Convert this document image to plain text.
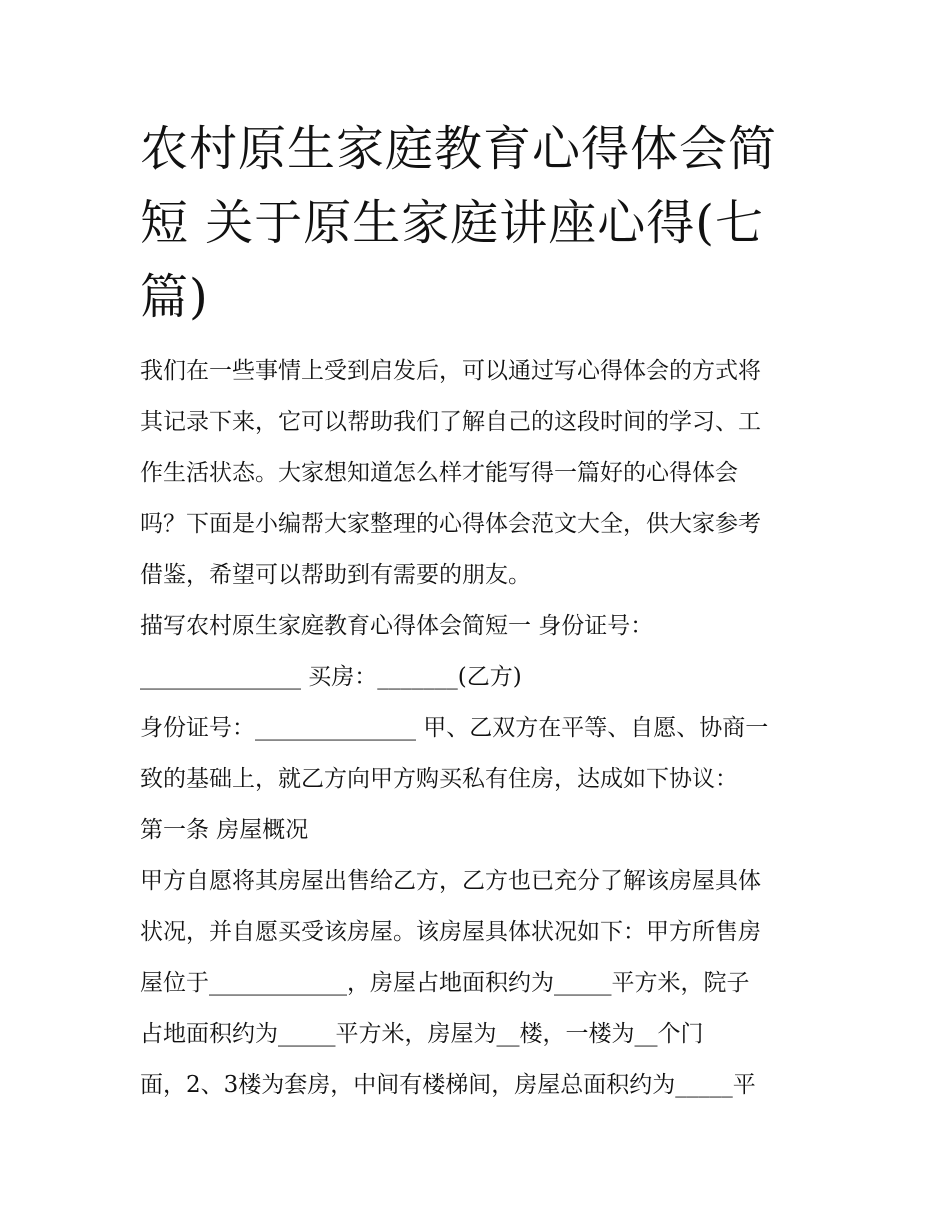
农村原生家庭教育心得体会简
短 关于原生家庭讲座心得(七
篇)
我们在一些事情上受到启发后，可以通过写心得体会的方式将
其记录下来，它可以帮助我们了解自己的这段时间的学习、工
作生活状态。大家想知道怎么样才能写得一篇好的心得体会
吗？下面是小编帮大家整理的心得体会范文大全，供大家参考
借鉴，希望可以帮助到有需要的朋友。
描写农村原生家庭教育心得体会简短一 身份证号：
______________ 买房：_______(乙方)
身份证号：______________ 甲、乙双方在平等、自愿、协商一
致的基础上，就乙方向甲方购买私有住房，达成如下协议：
第一条 房屋概况
甲方自愿将其房屋出售给乙方，乙方也已充分了解该房屋具体
状况，并自愿买受该房屋。该房屋具体状况如下：甲方所售房
屋位于____________，房屋占地面积约为_____平方米，院子
占地面积约为_____平方米，房屋为__楼，一楼为__个门
面，2、3楼为套房，中间有楼梯间，房屋总面积约为_____平
